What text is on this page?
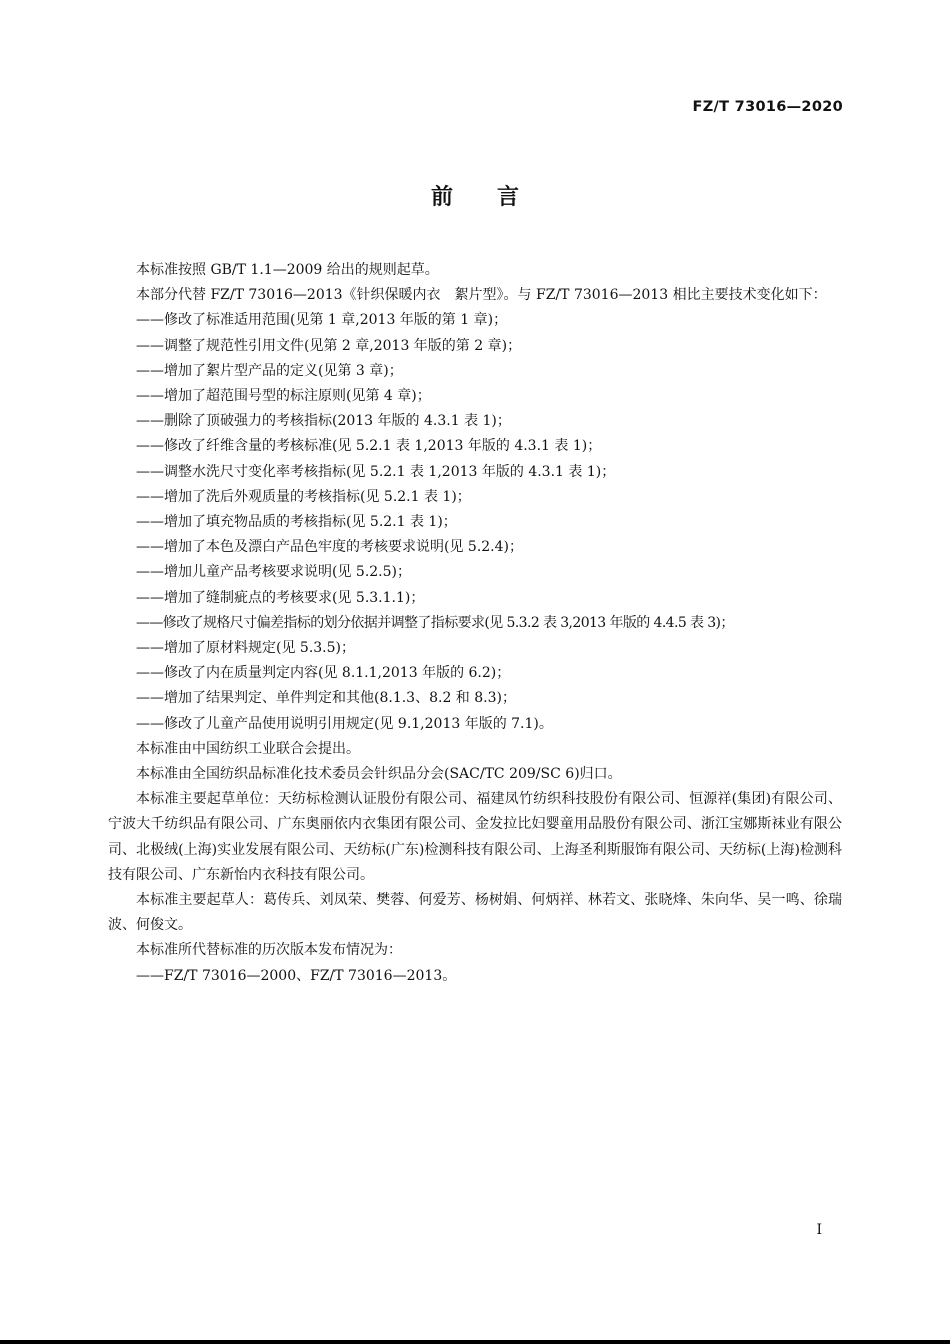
FZ/T 73016—2020
前言

本标准按照 GB/T 1.1—2009 给出的规则起草。

本部分代替 FZ/T 73016—2013《针织保暖内衣　絮片型》。与 FZ/T 73016—2013 相比主要技术变化如下：

——修改了标准适用范围(见第 1 章,2013 年版的第 1 章)；

——调整了规范性引用文件(见第 2 章,2013 年版的第 2 章)；

——增加了絮片型产品的定义(见第 3 章)；

——增加了超范围号型的标注原则(见第 4 章)；

——删除了顶破强力的考核指标(2013 年版的 4.3.1 表 1)；

——修改了纤维含量的考核标准(见 5.2.1 表 1,2013 年版的 4.3.1 表 1)；

——调整水洗尺寸变化率考核指标(见 5.2.1 表 1,2013 年版的 4.3.1 表 1)；

——增加了洗后外观质量的考核指标(见 5.2.1 表 1)；

——增加了填充物品质的考核指标(见 5.2.1 表 1)；

——增加了本色及漂白产品色牢度的考核要求说明(见 5.2.4)；

——增加儿童产品考核要求说明(见 5.2.5)；

——增加了缝制疵点的考核要求(见 5.3.1.1)；

——修改了规格尺寸偏差指标的划分依据并调整了指标要求(见 5.3.2 表 3,2013 年版的 4.4.5 表 3)；

——增加了原材料规定(见 5.3.5)；

——修改了内在质量判定内容(见 8.1.1,2013 年版的 6.2)；

——增加了结果判定、单件判定和其他(8.1.3、8.2 和 8.3)；

——修改了儿童产品使用说明引用规定(见 9.1,2013 年版的 7.1)。

本标准由中国纺织工业联合会提出。

本标准由全国纺织品标准化技术委员会针织品分会(SAC/TC 209/SC 6)归口。

本标准主要起草单位：天纺标检测认证股份有限公司、福建凤竹纺织科技股份有限公司、恒源祥(集团)有限公司、宁波大千纺织品有限公司、广东奥丽依内衣集团有限公司、金发拉比妇婴童用品股份有限公司、浙江宝娜斯袜业有限公司、北极绒(上海)实业发展有限公司、天纺标(广东)检测科技有限公司、上海圣利斯服饰有限公司、天纺标(上海)检测科技有限公司、广东新怡内衣科技有限公司。

本标准主要起草人：葛传兵、刘凤荣、樊蓉、何爱芳、杨树娟、何炳祥、林若文、张晓烽、朱向华、吴一鸣、徐瑞波、何俊文。

本标准所代替标准的历次版本发布情况为：

——FZ/T 73016—2000、FZ/T 73016—2013。

I
